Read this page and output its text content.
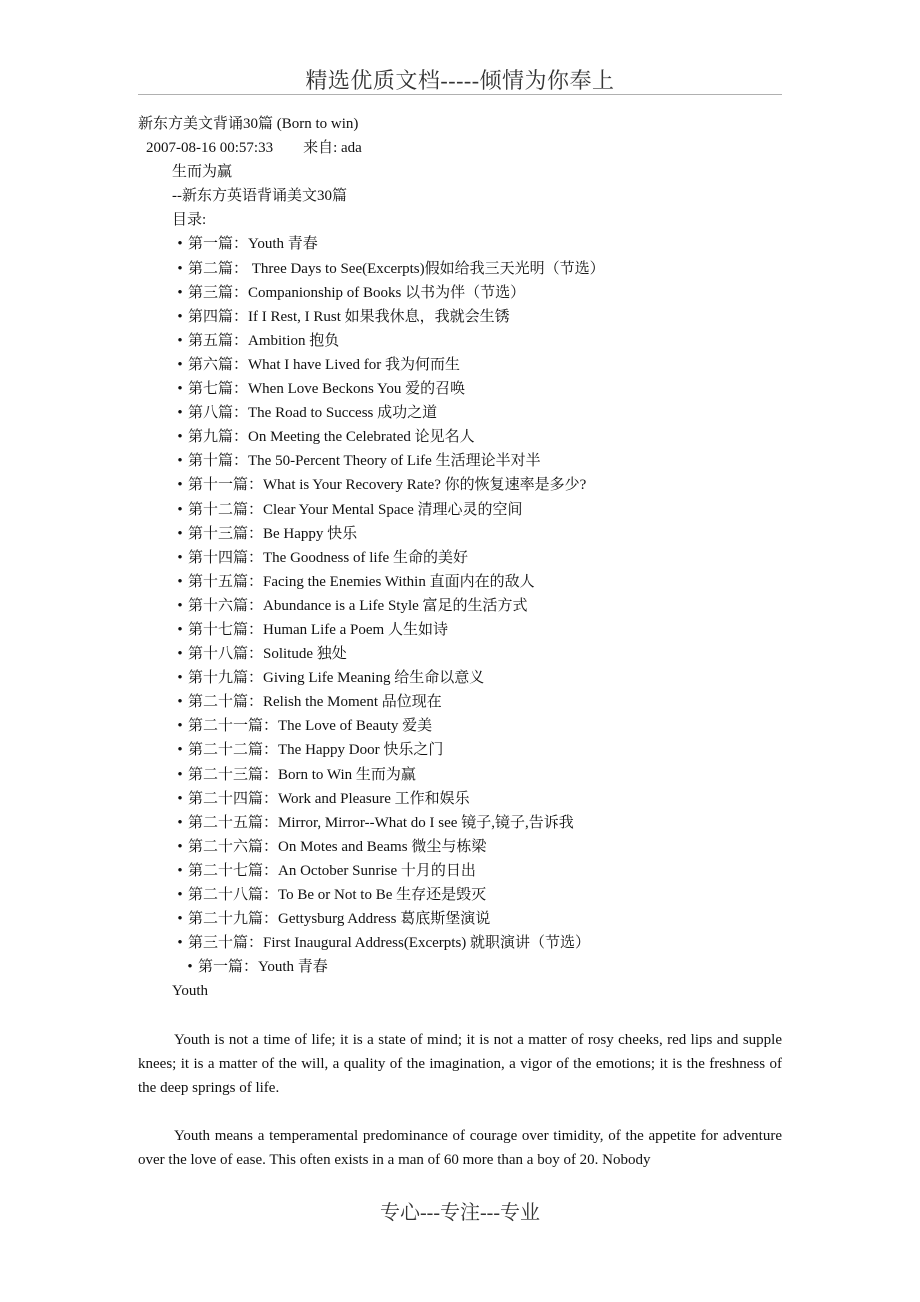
精选优质文档-----倾情为你奉上
新东方美文背诵30篇 (Born to win)
2007-08-16 00:57:33　　来自: ada
生而为赢
--新东方英语背诵美文30篇
目录:
• 第一篇：Youth 青春
• 第二篇： Three Days to See(Excerpts)假如给我三天光明（节选）
• 第三篇：Companionship of Books 以书为伴（节选）
• 第四篇：If I Rest, I Rust 如果我休息，我就会生锈
• 第五篇：Ambition 抱负
• 第六篇：What I have Lived for 我为何而生
• 第七篇：When Love Beckons You 爱的召唤
• 第八篇：The Road to Success 成功之道
• 第九篇：On Meeting the Celebrated 论见名人
• 第十篇：The 50-Percent Theory of Life 生活理论半对半
• 第十一篇：What is Your Recovery Rate? 你的恢复速率是多少?
• 第十二篇：Clear Your Mental Space 清理心灵的空间
• 第十三篇：Be Happy 快乐
• 第十四篇：The Goodness of life 生命的美好
• 第十五篇：Facing the Enemies Within 直面内在的敌人
• 第十六篇：Abundance is a Life Style 富足的生活方式
• 第十七篇：Human Life a Poem 人生如诗
• 第十八篇：Solitude 独处
• 第十九篇：Giving Life Meaning 给生命以意义
• 第二十篇：Relish the Moment 品位现在
• 第二十一篇：The Love of Beauty 爱美
• 第二十二篇：The Happy Door 快乐之门
• 第二十三篇：Born to Win 生而为赢
• 第二十四篇：Work and Pleasure 工作和娱乐
• 第二十五篇：Mirror, Mirror--What do I see 镜子,镜子,告诉我
• 第二十六篇：On Motes and Beams 微尘与栋梁
• 第二十七篇：An October Sunrise 十月的日出
• 第二十八篇：To Be or Not to Be 生存还是毁灭
• 第二十九篇：Gettysburg Address 葛底斯堡演说
• 第三十篇：First Inaugural Address(Excerpts) 就职演讲（节选）
• 第一篇：Youth 青春
Youth

Youth is not a time of life; it is a state of mind; it is not a matter of rosy cheeks, red lips and supple knees; it is a matter of the will, a quality of the imagination, a vigor of the emotions; it is the freshness of the deep springs of life.

Youth means a temperamental predominance of courage over timidity, of the appetite for adventure over the love of ease. This often exists in a man of 60 more than a boy of 20. Nobody

专心---专注---专业
